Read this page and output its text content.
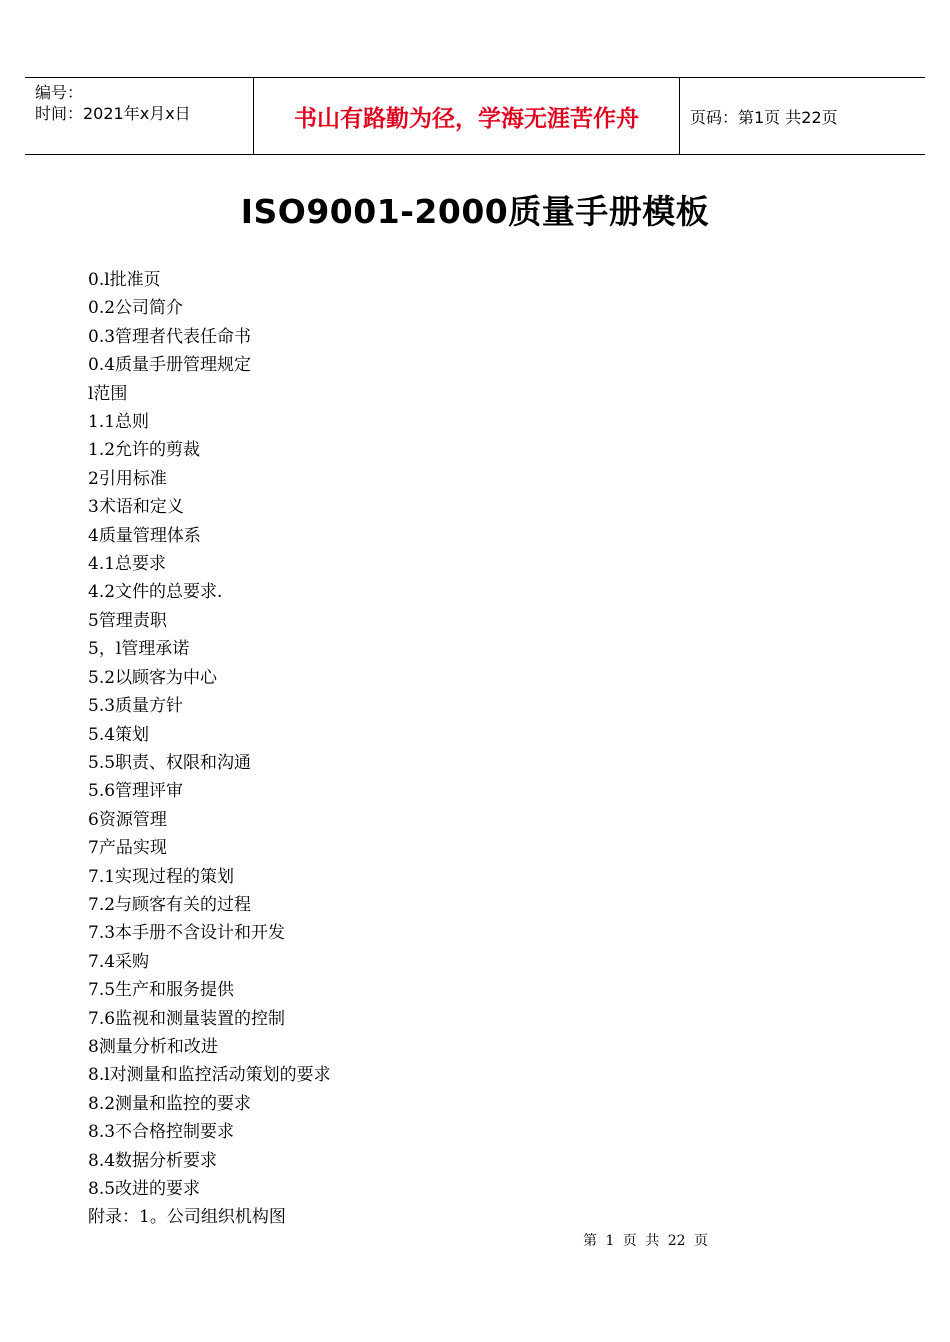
编号：
时间：2021年x月x日	书山有路勤为径，学海无涯苦作舟	页码：第1页 共22页
ISO9001-2000质量手册模板
0.l批准页
0.2公司简介
0.3管理者代表任命书
0.4质量手册管理规定
l范围
1.1总则
1.2允许的剪裁
2引用标准
3术语和定义
4质量管理体系
4.1总要求
4.2文件的总要求.
5管理责职
5，l管理承诺
5.2以顾客为中心
5.3质量方针
5.4策划
5.5职责、权限和沟通
5.6管理评审
6资源管理
7产品实现
7.1实现过程的策划
7.2与顾客有关的过程
7.3本手册不含设计和开发
7.4采购
7.5生产和服务提供
7.6监视和测量装置的控制
8测量分析和改进
8.l对测量和监控活动策划的要求
8.2测量和监控的要求
8.3不合格控制要求
8.4数据分析要求
8.5改进的要求
附录：1。公司组织机构图
第 1 页 共 22 页
